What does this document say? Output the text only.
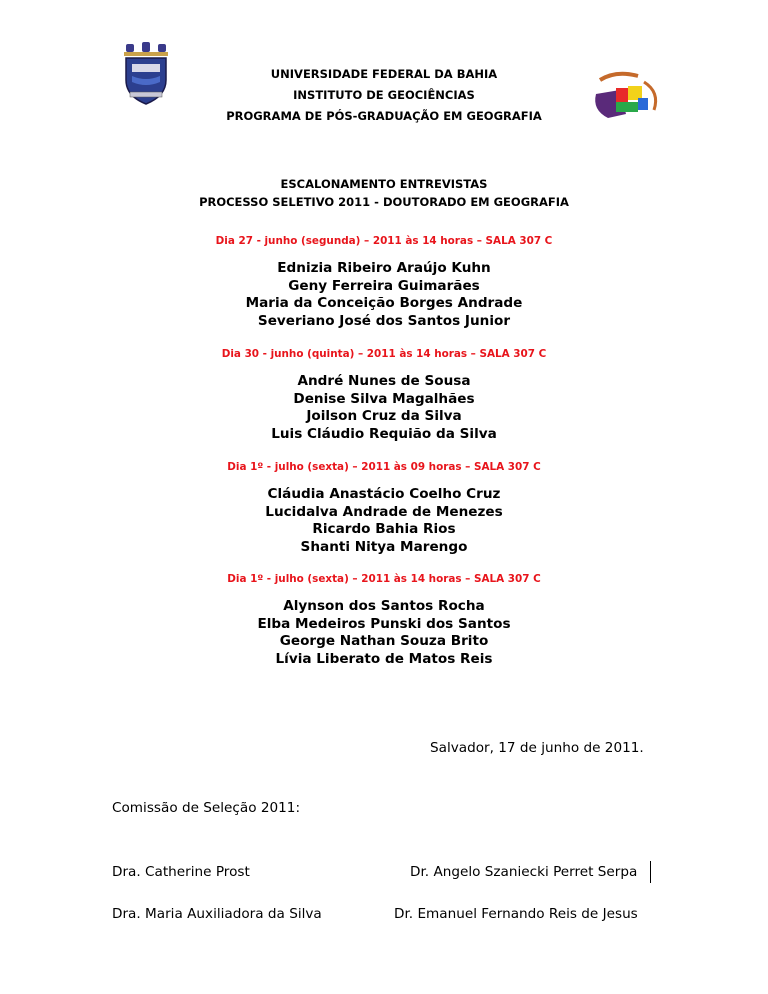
UNIVERSIDADE FEDERAL DA BAHIA
INSTITUTO DE GEOCIÊNCIAS
PROGRAMA DE PÓS-GRADUAÇÃO EM GEOGRAFIA
ESCALONAMENTO ENTREVISTAS
PROCESSO SELETIVO 2011 - DOUTORADO EM GEOGRAFIA
Dia 27 - junho (segunda) – 2011 às 14 horas – SALA 307 C
Ednizia Ribeiro Araújo Kuhn
Geny Ferreira Guimarães
Maria da Conceição Borges Andrade
Severiano José dos Santos Junior
Dia 30 - junho (quinta) – 2011 às 14 horas – SALA 307 C
André Nunes de Sousa
Denise Silva Magalhães
Joilson Cruz da Silva
Luis Cláudio Requião da Silva
Dia 1º - julho (sexta) – 2011 às 09 horas – SALA 307 C
Cláudia Anastácio Coelho Cruz
Lucidalva Andrade de Menezes
Ricardo Bahia Rios
Shanti Nitya Marengo
Dia 1º - julho (sexta) – 2011 às 14 horas – SALA 307 C
Alynson dos Santos Rocha
Elba Medeiros Punski dos Santos
George Nathan Souza Brito
Lívia Liberato de Matos Reis
Salvador, 17 de junho de 2011.
Comissão de Seleção 2011:
Dra. Catherine Prost	Dr. Angelo Szaniecki Perret Serpa
Dra. Maria Auxiliadora da Silva	Dr. Emanuel Fernando Reis de Jesus
